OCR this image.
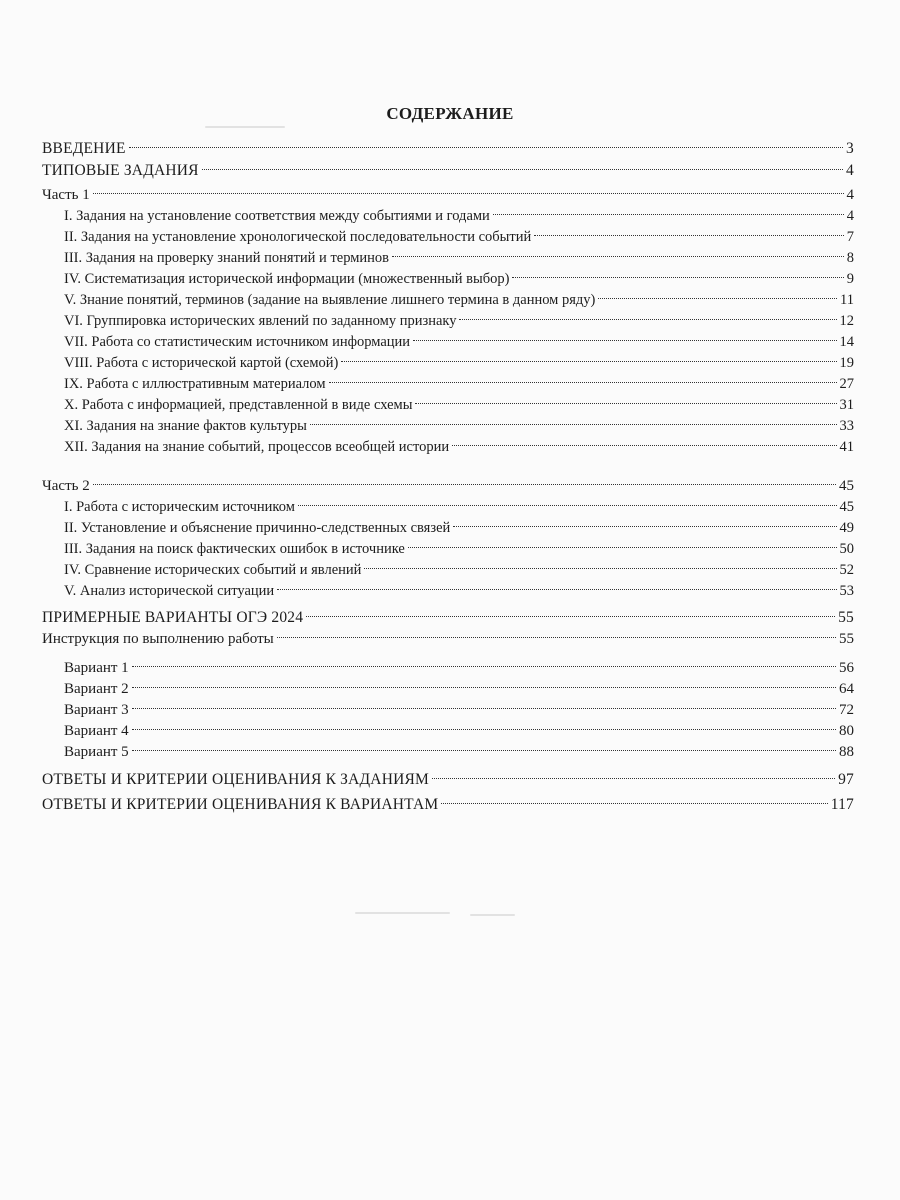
СОДЕРЖАНИЕ
ВВЕДЕНИЕ	3
ТИПОВЫЕ ЗАДАНИЯ	4
Часть 1	4
I. Задания на установление соответствия между событиями и годами	4
II. Задания на установление хронологической последовательности событий	7
III. Задания на проверку знаний понятий и терминов	8
IV. Систематизация исторической информации (множественный выбор)	9
V. Знание понятий, терминов (задание на выявление лишнего термина в данном ряду)	11
VI. Группировка исторических явлений по заданному признаку	12
VII. Работа со статистическим источником информации	14
VIII. Работа с исторической картой (схемой)	19
IX. Работа с иллюстративным материалом	27
X. Работа с информацией, представленной в виде схемы	31
XI. Задания на знание фактов культуры	33
XII. Задания на знание событий, процессов всеобщей истории	41
Часть 2	45
I. Работа с историческим источником	45
II. Установление и объяснение причинно-следственных связей	49
III. Задания на поиск фактических ошибок в источнике	50
IV. Сравнение исторических событий и явлений	52
V. Анализ исторической ситуации	53
ПРИМЕРНЫЕ ВАРИАНТЫ ОГЭ 2024	55
Инструкция по выполнению работы	55
Вариант 1	56
Вариант 2	64
Вариант 3	72
Вариант 4	80
Вариант 5	88
ОТВЕТЫ И КРИТЕРИИ ОЦЕНИВАНИЯ К ЗАДАНИЯМ	97
ОТВЕТЫ И КРИТЕРИИ ОЦЕНИВАНИЯ К ВАРИАНТАМ	117
